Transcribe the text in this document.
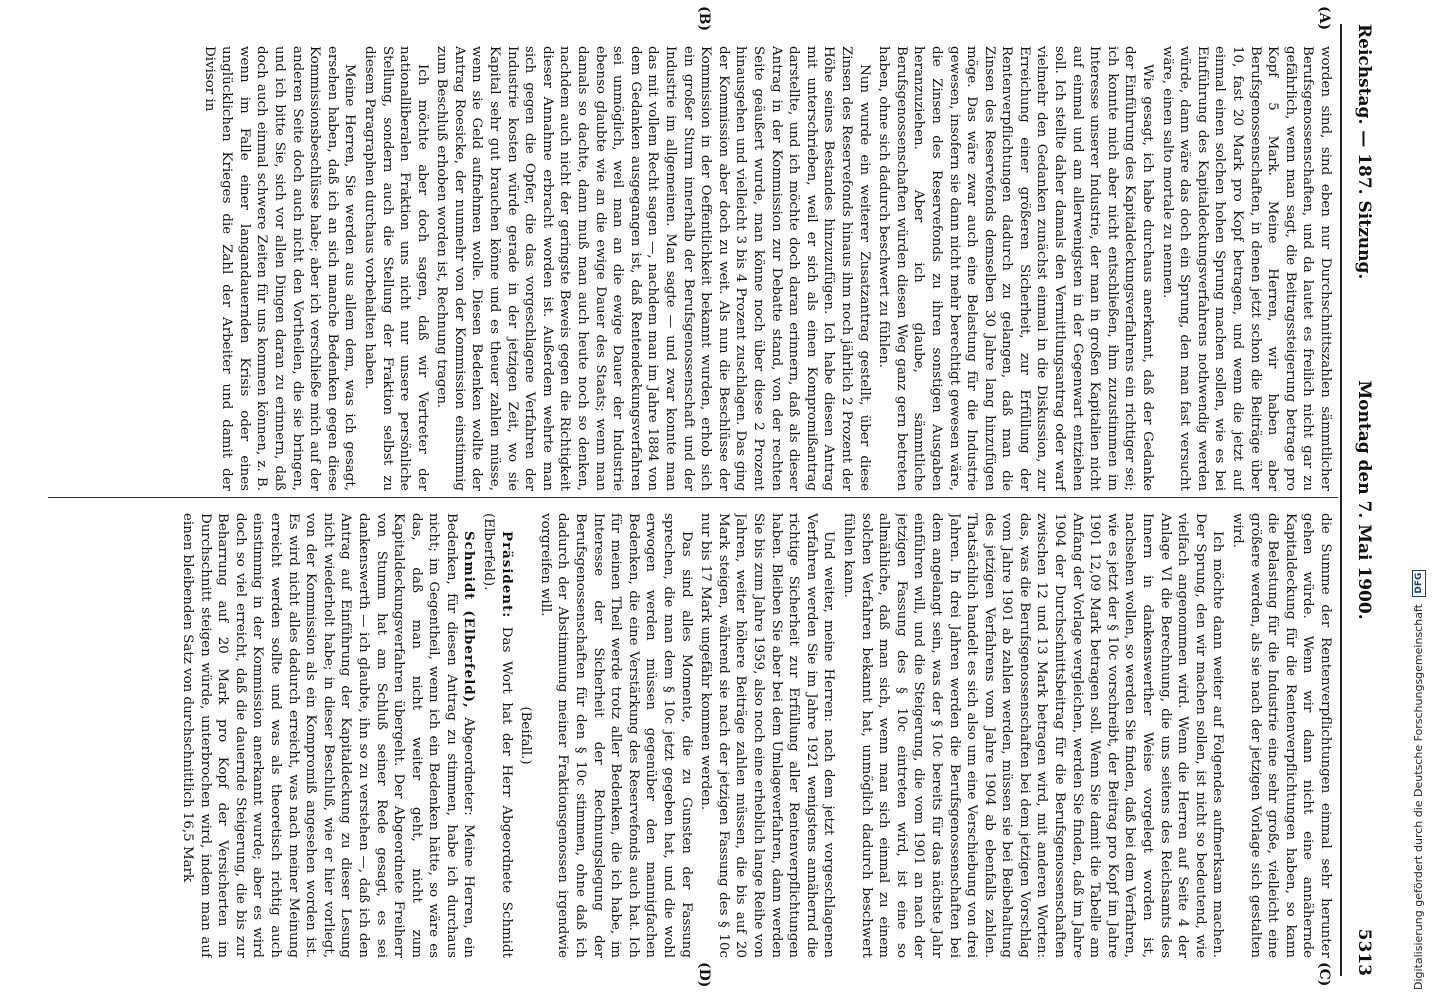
Reichstag. — 187. Sitzung.
Montag den 7. Mai 1900.
5313
(A)
(B)
(C)
(D)

worden sind, sind eben nur Durchschnittszahlen sämmtlicher Berufsgenossenschaften, und da lautet es freilich nicht gar zu gefährlich, wenn man sagt, die Beitragssteigerung betrage pro Kopf 5 Mark. Meine Herren, wir haben aber Berufsgenossenschaften, in denen jetzt schon die Beiträge über 10, fast 20 Mark pro Kopf betragen, und wenn die jetzt auf einmal einen solchen hohen Sprung machen sollen, wie es bei Einführung des Kapitaldeckungsverfahrens nothwendig werden würde, dann wäre das doch ein Sprung, den man fast versucht wäre, einen salto mortale zu nennen.

Wie gesagt, ich habe durchaus anerkannt, daß der Gedanke der Einführung des Kapitaldeckungsverfahrens ein richtiger sei; ich konnte mich aber nicht entschließen, ihm zuzustimmen im Interesse unserer Industrie, der man in großen Kapitalien nicht auf einmal und am allerwenigsten in der Gegenwart entziehen soll. Ich stellte daher damals den Vermittlungsantrag oder warf vielmehr den Gedanken zunächst einmal in die Diskussion, zur Erreichung einer größeren Sicherheit, zur Erfüllung der Rentenverpflichtungen dadurch zu gelangen, daß man die Zinsen des Reservefonds demselben 30 Jahre lang hinzufügen möge. Das wäre zwar auch eine Belastung für die Industrie gewesen, insofern sie dann nicht mehr berechtigt gewesen wäre, die Zinsen des Reservefonds zu ihren sonstigen Ausgaben heranzuziehen. Aber ich glaube, sämmtliche Berufsgenossenschaften würden diesen Weg ganz gern betreten haben, ohne sich dadurch beschwert zu fühlen.

Nun wurde ein weiterer Zusatzantrag gestellt, über diese Zinsen des Reservefonds hinaus ihm noch jährlich 2 Prozent der Höhe seines Bestandes hinzuzufügen. Ich habe diesen Antrag mit unterschrieben, weil er sich als einen Kompromißantrag darstellte, und ich möchte doch daran erinnern, daß als dieser Antrag in der Kommission zur Debatte stand, von der rechten Seite geäußert wurde, man könne noch über diese 2 Prozent hinausgehen und vielleicht 3 bis 4 Prozent zuschlagen. Das ging der Kommission aber doch zu weit. Als nun die Beschlüsse der Kommission in der Oeffentlichkeit bekannt wurden, erhob sich ein großer Sturm innerhalb der Berufsgenossenschaft und der Industrie im allgemeinen. Man sagte — und zwar konnte man das mit vollem Recht sagen —, nachdem man im Jahre 1884 von dem Gedanken ausgegangen ist, daß Rentendeckungsverfahren sei unmöglich, weil man an die ewige Dauer der Industrie ebenso glaubte wie an die ewige Dauer des Staats; wenn man damals so dachte, dann muß man auch heute noch so denken, nachdem auch nicht der geringste Beweis gegen die Richtigkeit dieser Annahme erbracht worden ist. Außerdem wehrte man sich gegen die Opfer, die das vorgeschlagene Verfahren der Industrie kosten würde gerade in der jetzigen Zeit, wo sie Kapital sehr gut brauchen könne und es theuer zahlen müsse, wenn sie Geld aufnehmen wolle. Diesen Bedenken wollte der Antrag Roesicke, der nunmehr von der Kommission einstimmig zum Beschluß erhoben worden ist, Rechnung tragen.

Ich möchte aber doch sagen, daß wir Vertreter der nationalliberalen Fraktion uns nicht nur unsere persönliche Stellung, sondern auch die Stellung der Fraktion selbst zu diesem Paragraphen durchaus vorbehalten haben.

Meine Herren, Sie werden aus allem dem, was ich gesagt, ersehen haben, daß ich an sich manche Bedenken gegen diese Kommissionsbeschlüsse habe; aber ich verschließe mich auf der anderen Seite doch auch nicht den Vortheilen, die sie bringen, und ich bitte Sie, sich vor allen Dingen daran zu erinnern, daß doch auch einmal schwere Zeiten für uns kommen können, z. B. wenn im Falle einer langandauernden Krisis oder eines unglücklichen Krieges die Zahl der Arbeiter und damit der Divisor in

die Summe der Rentenverpflichtungen einmal sehr herunter gehen würde. Wenn wir dann nicht eine annähernde Kapitaldeckung für die Rentenverpflichtungen haben, so kann die Belastung für die Industrie eine sehr große, vielleicht eine größere werden, als sie nach der jetzigen Vorlage sich gestalten wird.

Ich möchte dann weiter auf Folgendes aufmerksam machen. Der Sprung, den wir machen sollen, ist nicht so bedeutend, wie vielfach angenommen wird. Wenn die Herren auf Seite 4 der Anlage VI die Berechnung, die uns seitens des Reichsamts des Innern in dankenswerther Weise vorgelegt worden ist, nachsehen wollen, so werden Sie finden, daß bei dem Verfahren, wie es jetzt der § 10c vorschreibt, der Beitrag pro Kopf im Jahre 1901 12,09 Mark betragen soll. Wenn Sie damit die Tabelle am Anfang der Vorlage vergleichen, werden Sie finden, daß im Jahre 1904 der Durchschnittsbeitrag für die Berufsgenossenschaften zwischen 12 und 13 Mark betragen wird, mit anderen Worten: das, was die Berufsgenossenschaften bei dem jetzigen Vorschlag vom Jahre 1901 ab zahlen werden, müssen sie bei Beibehaltung des jetzigen Verfahrens vom Jahre 1904 ab ebenfalls zahlen. Thatsächlich handelt es sich also um eine Verschiebung von drei Jahren. In drei Jahren werden die Berufsgenossenschaften bei dem angelangt sein, was der § 10c bereits für das nächste Jahr einführen will, und die Steigerung, die vom 1901 an nach der jetzigen Fassung des § 10c eintreten wird, ist eine so allmähliche, daß man sich, wenn man sich einmal zu einem solchen Verfahren bekannt hat, unmöglich dadurch beschwert fühlen kann.

Und weiter, meine Herren: nach dem jetzt vorgeschlagenen Verfahren werden Sie im Jahre 1921 wenigstens annähernd die richtige Sicherheit zur Erfüllung aller Rentenverpflichtungen haben. Bleiben Sie aber bei dem Umlageverfahren, dann werden Sie bis zum Jahre 1959, also noch eine erheblich lange Reihe von Jahren, weiter höhere Beiträge zahlen müssen, die bis auf 20 Mark steigen, während sie nach der jetzigen Fassung des § 10c nur bis 17 Mark ungefähr kommen werden.

Das sind alles Momente, die zu Gunsten der Fassung sprechen, die man dem § 10c jetzt gegeben hat, und die wohl erwogen werden müssen gegenüber den mannigfachen Bedenken, die eine Verstärkung des Reservefonds auch hat. Ich für meinen Theil werde trotz aller Bedenken, die ich habe, im Interesse der Sicherheit der Rechnungslegung der Berufsgenossenschaften für den § 10c stimmen, ohne daß ich dadurch der Abstimmung meiner Fraktionsgenossen irgendwie vorgreifen will.

(Beifall.)

Präsident: Das Wort hat der Herr Abgeordnete Schmidt (Elberfeld).

Schmidt (Elberfeld), Abgeordneter: Meine Herren, ein Bedenken, für diesen Antrag zu stimmen, habe ich durchaus nicht; im Gegentheil, wenn ich ein Bedenken hätte, so wäre es das, daß man nicht weiter geht, nicht zum Kapitaldeckungsverfahren übergeht. Der Abgeordnete Freiherr von Stumm hat am Schluß seiner Rede gesagt, es sei dankenswerth — ich glaubte, ihn so zu verstehen —, daß ich den Antrag auf Einführung der Kapitaldeckung zu dieser Lesung nicht wiederholt habe; in dieser Beschluß, wie er hier vorliegt, von der Kommission als ein Kompromiß angesehen worden ist. Es wird nicht alles dadurch erreicht, was nach meiner Meinung erreicht werden sollte und was als theoretisch richtig auch einstimmig in der Kommission anerkannt wurde; aber es wird doch so viel erreicht, daß die dauernde Steigerung, die bis zur Beharrung auf 20 Mark pro Kopf der Versicherten im Durchschnitt steigen würde, unterbrochen wird, indem man auf einen bleibenden Satz von durchschnittlich 16,5 Mark	Digitalisierung gefördert durch die Deutsche Forschungsgemeinschaft DFG
